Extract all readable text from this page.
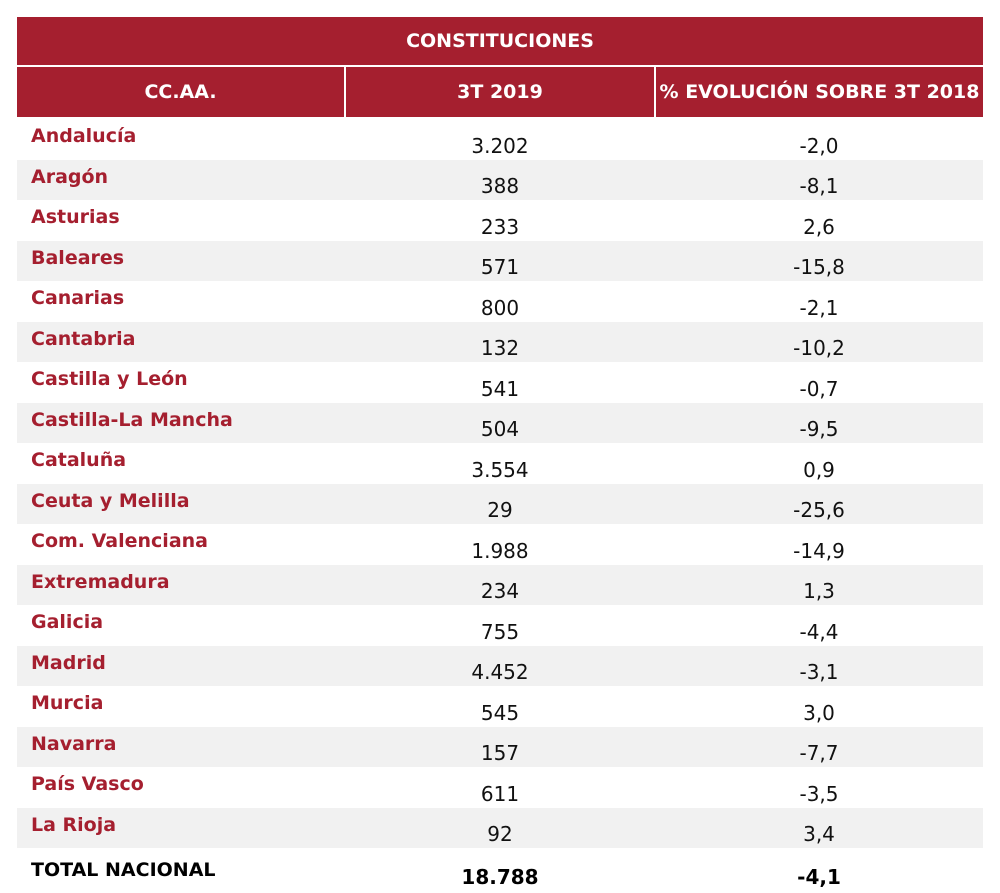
CONSTITUCIONES		
CC.AA.	3T 2019	% EVOLUCIÓN SOBRE 3T 2018
Andalucía	3.202	-2,0
Aragón	388	-8,1
Asturias	233	2,6
Baleares	571	-15,8
Canarias	800	-2,1
Cantabria	132	-10,2
Castilla y León	541	-0,7
Castilla-La Mancha	504	-9,5
Cataluña	3.554	0,9
Ceuta y Melilla	29	-25,6
Com. Valenciana	1.988	-14,9
Extremadura	234	1,3
Galicia	755	-4,4
Madrid	4.452	-3,1
Murcia	545	3,0
Navarra	157	-7,7
País Vasco	611	-3,5
La Rioja	92	3,4
TOTAL NACIONAL	18.788	-4,1
